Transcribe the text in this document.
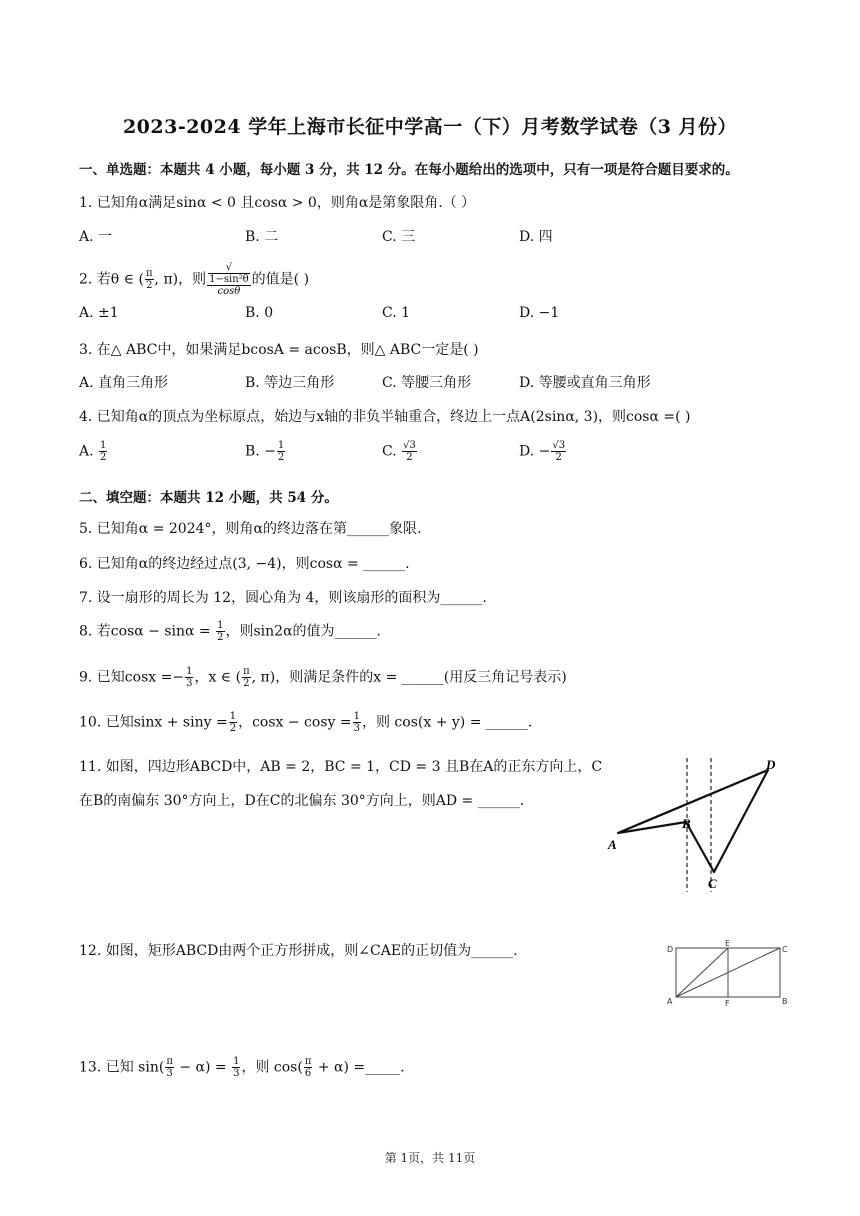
2023-2024 学年上海市长征中学高一（下）月考数学试卷（3 月份）
一、单选题：本题共 4 小题，每小题 3 分，共 12 分。在每小题给出的选项中，只有一项是符合题目要求的。
1. 已知角α满足sinα < 0 且cosα > 0，则角α是第象限角.（ ）
A. 一	B. 二	C. 三	D. 四
2. 若θ ∈ ( $\frac{\pi}{2}$ , π)，则 √
1−sin²θ
cosθ 的值是( )
A. ±1	B. 0	C. 1	D. −1
3. 在△ ABC中，如果满足bcosA = acosB，则△ ABC一定是( )
A. 直角三角形	B. 等边三角形	C. 等腰三角形	D. 等腰或直角三角形
4. 已知角α的顶点为坐标原点，始边与x轴的非负半轴重合，终边上一点A(2sinα, 3)，则cosα =( )
A. $\frac{1}{2}$	B. − $\frac{1}{2}$	C. $\frac{√3}{2}$	D. − $\frac{√3}{2}$
二、填空题：本题共 12 小题，共 54 分。
5. 已知角α = 2024°，则角α的终边落在第______象限.
6. 已知角α的终边经过点(3, −4)，则cosα = ______.
7. 设一扇形的周长为 12，圆心角为 4，则该扇形的面积为______.
8. 若$\cos\alpha - \sin\alpha = \frac{1}{2}$ ，则sin2α的值为______.
9. 已知$\cos x =- \frac{1}{3}$ ，x ∈ ( $\frac{\pi}{2}$ , π)，则满足条件的x = ______(用反三角记号表示)
10. 已知$\sin x + \sin y = \frac{1}{2}$ ，$\cos x - \cos y = \frac{1}{3}$ ，则 cos(x + y) = ______.
11. 如图，四边形ABCD中，AB = 2，BC = 1，CD = 3 且B在A的正东方向上，C
在B的南偏东 30°方向上，D在C的北偏东 30°方向上，则AD = ______.
A
B
C
D
12. 如图，矩形ABCD由两个正方形拼成，则∠CAE的正切值为______.	D
E
C
A	F	B
13. 已知 $\sin( \frac{\pi}{3} - \alpha) = \frac{1}{3}$ ，则 $\cos( \frac{\pi}{6} + \alpha)$ =_____.
第 1页，共 11页
